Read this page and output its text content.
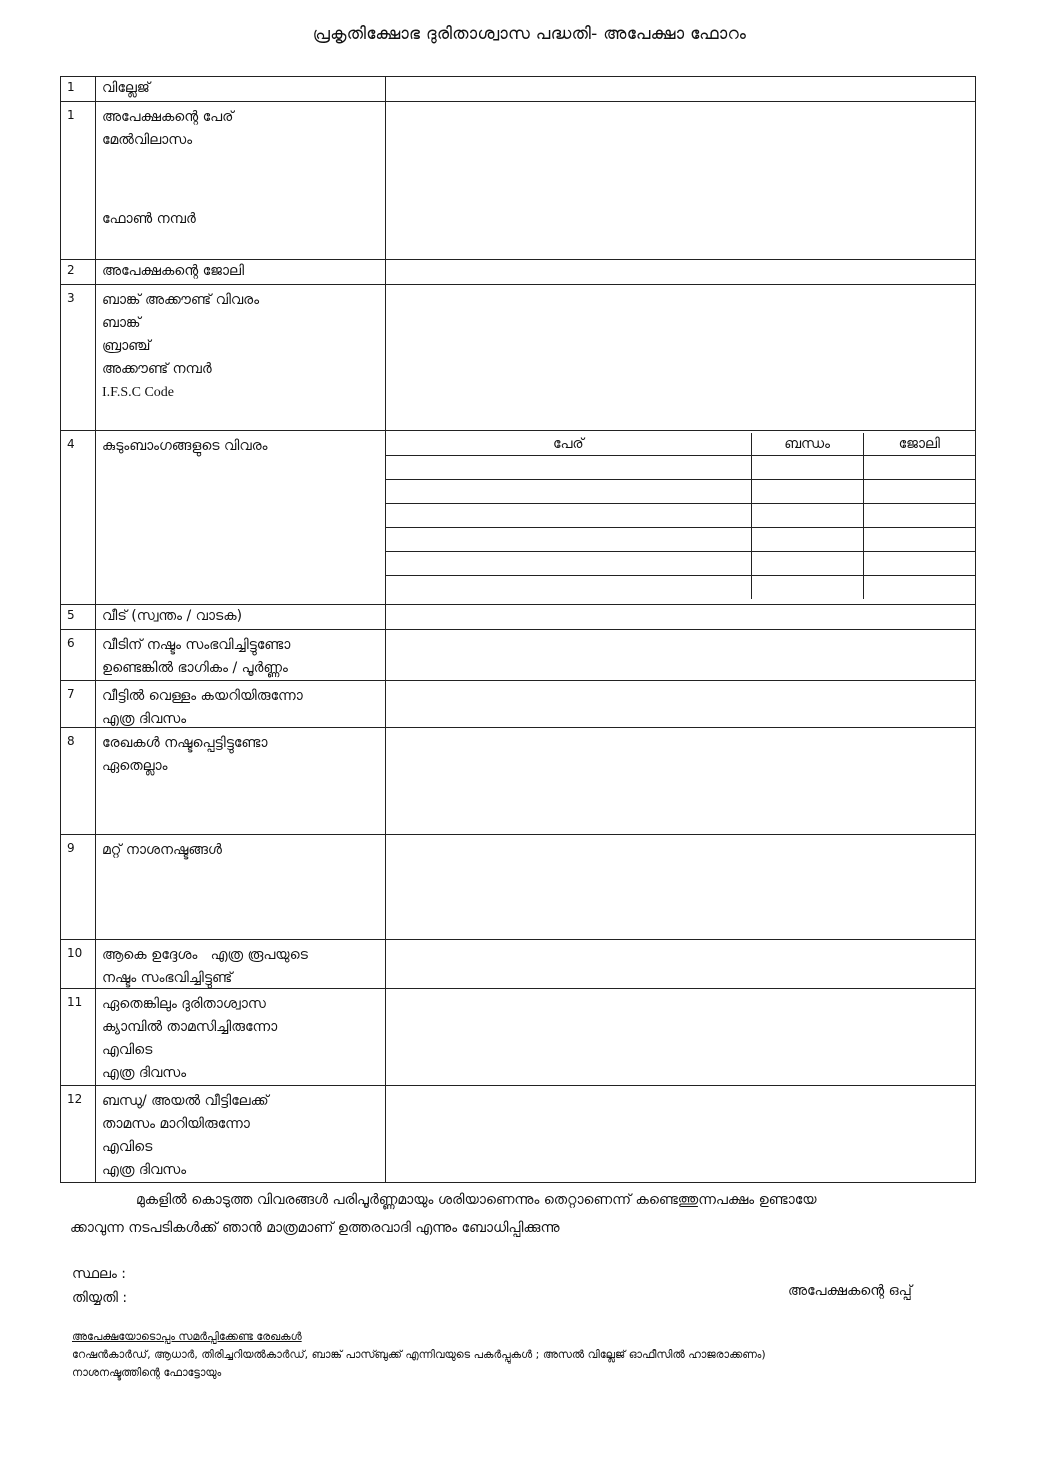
പ്രകൃതിക്ഷോഭ ദുരിതാശ്വാസ പദ്ധതി- അപേക്ഷാ ഫോറം
1	വില്ലേജ്
1	അപേക്ഷകന്റെ പേര്
മേൽവിലാസം

ഫോൺ നമ്പർ
2	അപേക്ഷകന്റെ ജോലി
3	ബാങ്ക് അക്കൗണ്ട് വിവരം
ബാങ്ക്
ബ്രാഞ്ച്
അക്കൗണ്ട് നമ്പർ
I.F.S.C Code
4	കുടുംബാംഗങ്ങളുടെ വിവരം	പേര്	ബന്ധം	ജോലി

5	വീട് (സ്വന്തം / വാടക)
6	വീടിന് നഷ്ടം സംഭവിച്ചിട്ടുണ്ടോ
ഉണ്ടെങ്കിൽ ഭാഗികം / പൂർണ്ണം
7	വീട്ടിൽ വെള്ളം കയറിയിരുന്നോ
എത്ര ദിവസം
8	രേഖകൾ നഷ്ടപ്പെട്ടിട്ടുണ്ടോ
ഏതെല്ലാം
9	മറ്റ് നാശനഷ്ടങ്ങൾ
10	ആകെ ഉദ്ദേശം   എത്ര രൂപയുടെ
നഷ്ടം സംഭവിച്ചിട്ടുണ്ട്
11	ഏതെങ്കിലും ദുരിതാശ്വാസ
ക്യാമ്പിൽ താമസിച്ചിരുന്നോ
എവിടെ
എത്ര ദിവസം
12	ബന്ധു/ അയൽ വീട്ടിലേക്ക്
താമസം മാറിയിരുന്നോ
എവിടെ
എത്ര ദിവസം
മുകളിൽ കൊടുത്ത വിവരങ്ങൾ പരിപൂർണ്ണമായും ശരിയാണെന്നും തെറ്റാണെന്ന് കണ്ടെത്തുന്നപക്ഷം ഉണ്ടായേ
ക്കാവുന്ന നടപടികൾക്ക് ഞാൻ മാത്രമാണ് ഉത്തരവാദി എന്നും ബോധിപ്പിക്കുന്നു
സ്ഥലം :
തിയ്യതി :	അപേക്ഷകന്റെ ഒപ്പ്
അപേക്ഷയോടൊപ്പം സമർപ്പിക്കേണ്ട രേഖകൾ
റേഷൻകാർഡ്, ആധാർ, തിരിച്ചറിയൽകാർഡ്, ബാങ്ക് പാസ്ബുക്ക് എന്നിവയുടെ പകർപ്പുകൾ ; അസൽ വില്ലേജ് ഓഫീസിൽ ഹാജരാക്കണം)
നാശനഷ്ടത്തിന്റെ ഫോട്ടോയും
